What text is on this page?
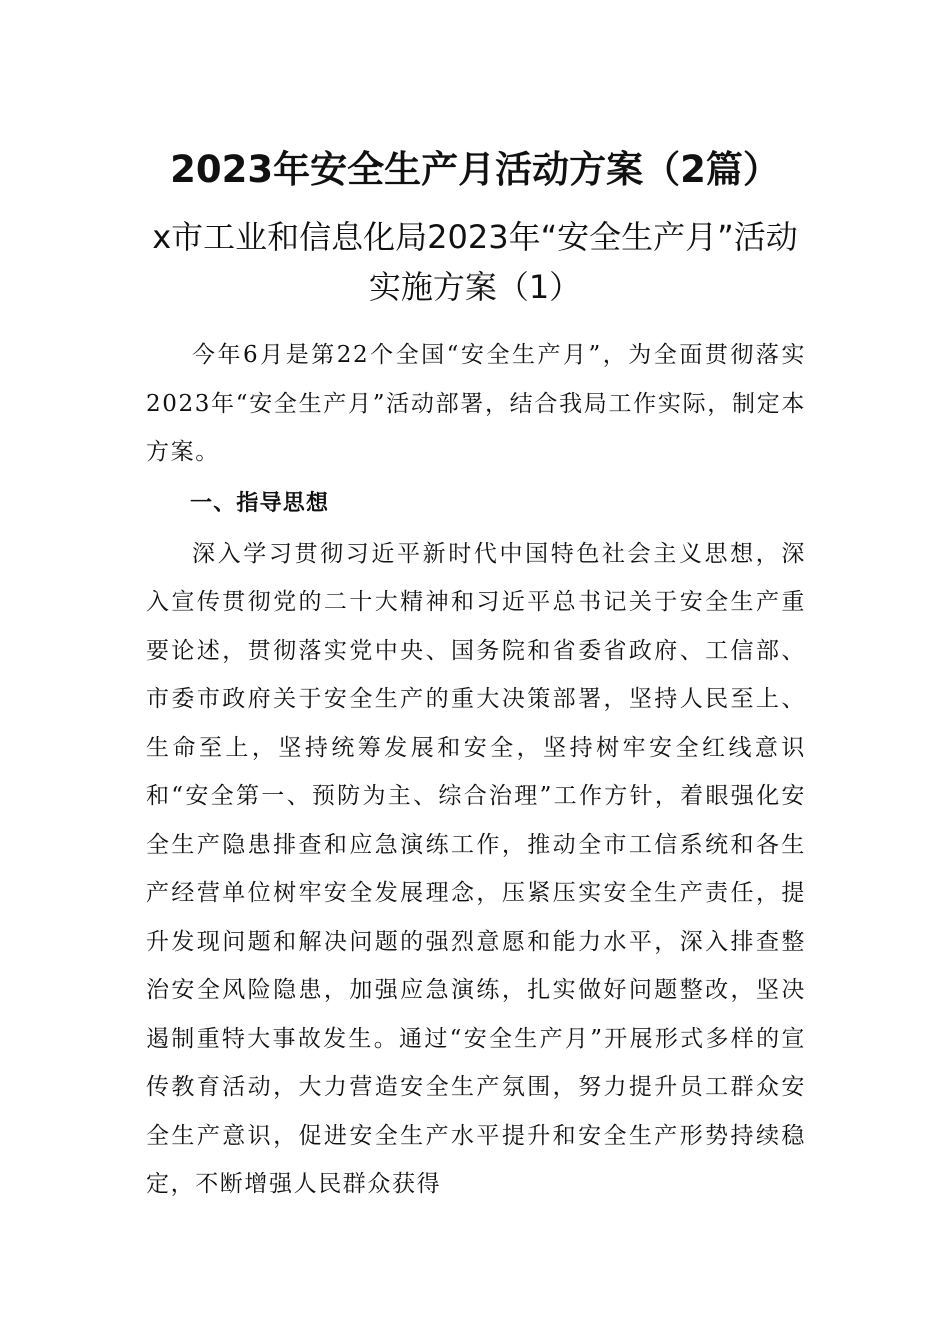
2023年安全生产月活动方案（2篇）
x市工业和信息化局2023年“安全生产月”活动实施方案（1）

今年6月是第22个全国“安全生产月”，为全面贯彻落实2023年“安全生产月”活动部署，结合我局工作实际，制定本方案。

一、指导思想

深入学习贯彻习近平新时代中国特色社会主义思想，深入宣传贯彻党的二十大精神和习近平总书记关于安全生产重要论述，贯彻落实党中央、国务院和省委省政府、工信部、市委市政府关于安全生产的重大决策部署，坚持人民至上、生命至上，坚持统筹发展和安全，坚持树牢安全红线意识和“安全第一、预防为主、综合治理”工作方针，着眼强化安全生产隐患排查和应急演练工作，推动全市工信系统和各生产经营单位树牢安全发展理念，压紧压实安全生产责任，提升发现问题和解决问题的强烈意愿和能力水平，深入排查整治安全风险隐患，加强应急演练，扎实做好问题整改，坚决遏制重特大事故发生。通过“安全生产月”开展形式多样的宣传教育活动，大力营造安全生产氛围，努力提升员工群众安全生产意识，促进安全生产水平提升和安全生产形势持续稳定，不断增强人民群众获得
